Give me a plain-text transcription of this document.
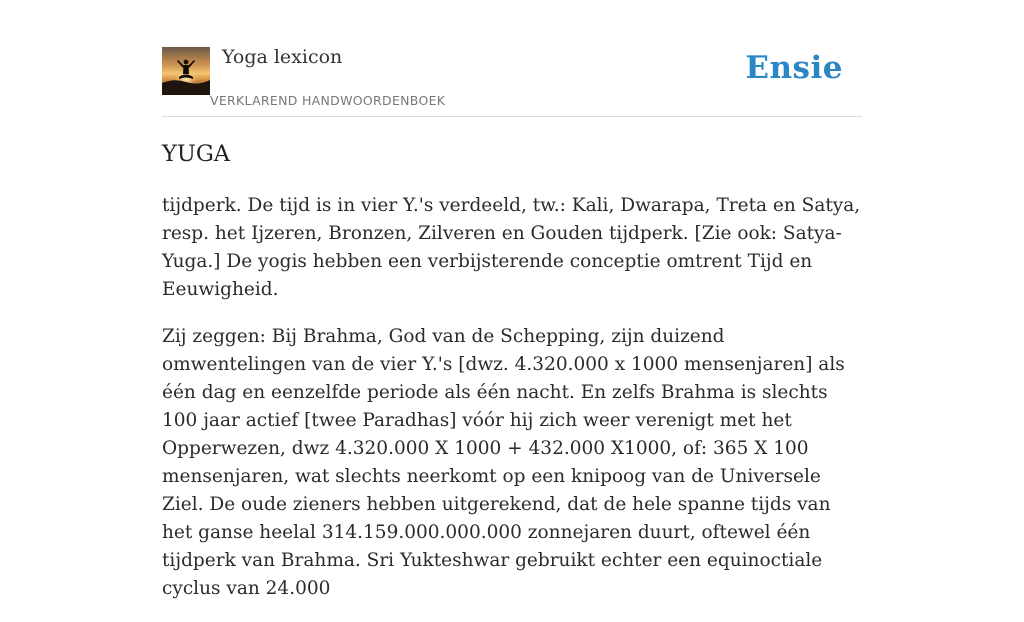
Yoga lexicon
VERKLAREND HANDWOORDENBOEK
Ensie
YUGA

tijdperk. De tijd is in vier Y.'s verdeeld, tw.: Kali, Dwarapa, Treta en Satya, resp. het Ijzeren, Bronzen, Zilveren en Gouden tijdperk. [Zie ook: Satya-Yuga.] De yogis hebben een verbijsterende conceptie omtrent Tijd en Eeuwigheid.

Zij zeggen: Bij Brahma, God van de Schepping, zijn duizend omwentelingen van de vier Y.'s [dwz. 4.320.000 x 1000 mensenjaren] als één dag en eenzelfde periode als één nacht. En zelfs Brahma is slechts 100 jaar actief [twee Paradhas] vóór hij zich weer verenigt met het Opperwezen, dwz 4.320.000 X 1000 + 432.000 X1000, of: 365 X 100 mensenjaren, wat slechts neerkomt op een knipoog van de Universele Ziel. De oude zieners hebben uitgerekend, dat de hele spanne tijds van het ganse heelal 314.159.000.000.000 zonnejaren duurt, oftewel één tijdperk van Brahma. Sri Yukteshwar gebruikt echter een equinoctiale cyclus van 24.000
